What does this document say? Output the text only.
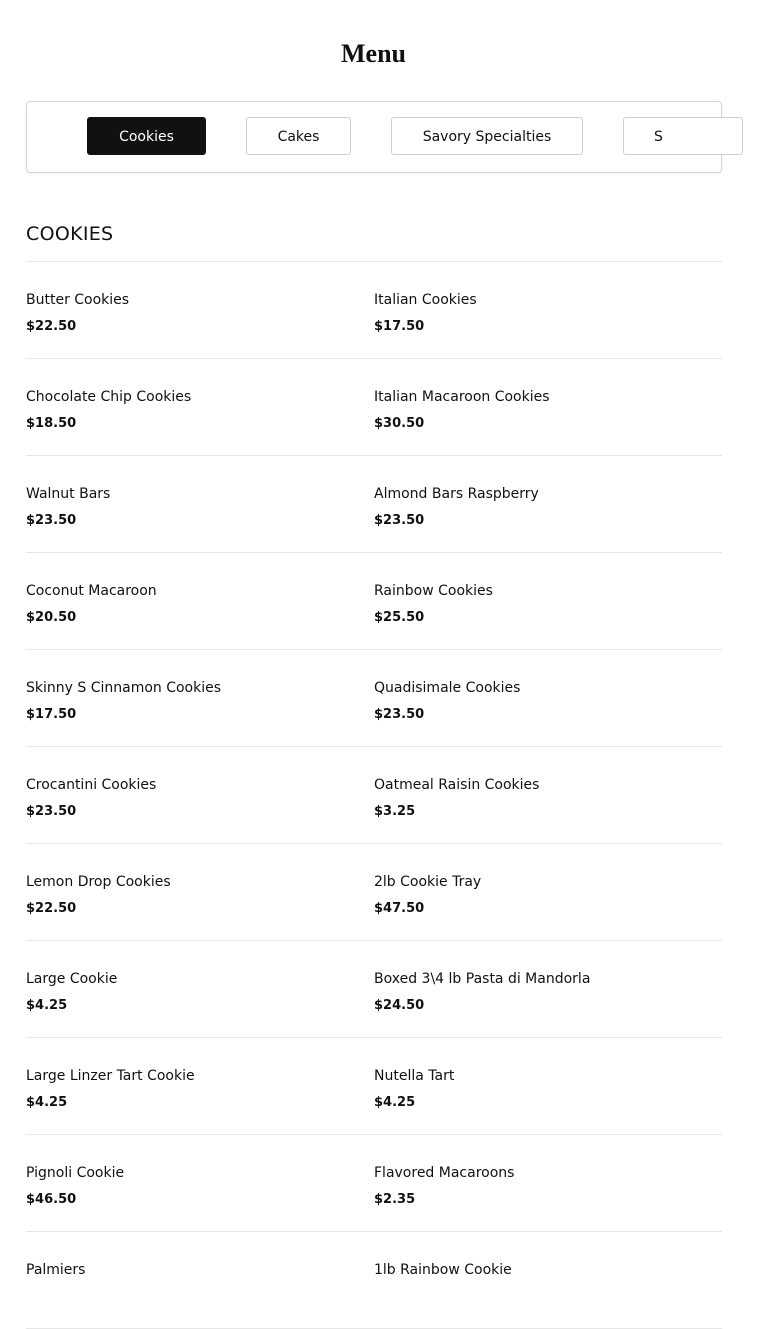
Menu
Cookies	Cakes	Savory Specialties	S
COOKIES
Butter Cookies
$22.50
Italian Cookies
$17.50
Chocolate Chip Cookies
$18.50
Italian Macaroon Cookies
$30.50
Walnut Bars
$23.50
Almond Bars Raspberry
$23.50
Coconut Macaroon
$20.50
Rainbow Cookies
$25.50
Skinny S Cinnamon Cookies
$17.50
Quadisimale Cookies
$23.50
Crocantini Cookies
$23.50
Oatmeal Raisin Cookies
$3.25
Lemon Drop Cookies
$22.50
2lb Cookie Tray
$47.50
Large Cookie
$4.25
Boxed 3\4 lb Pasta di Mandorla
$24.50
Large Linzer Tart Cookie
$4.25
Nutella Tart
$4.25
Pignoli Cookie
$46.50
Flavored Macaroons
$2.35
Palmiers	1lb Rainbow Cookie
